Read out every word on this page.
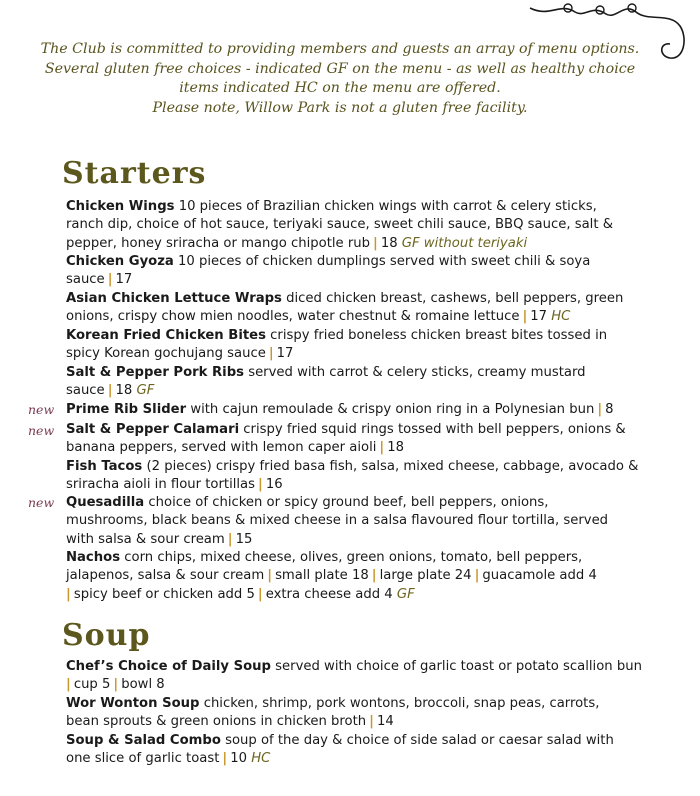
The Club is committed to providing members and guests an array of menu options.
Several gluten free choices - indicated GF on the menu - as well as healthy choice
items indicated HC on the menu are offered.
Please note, Willow Park is not a gluten free facility.
Starters
Chicken Wings 10 pieces of Brazilian chicken wings with carrot & celery sticks,
ranch dip, choice of hot sauce, teriyaki sauce, sweet chili sauce, BBQ sauce, salt &
pepper, honey sriracha or mango chipotle rub | 18 GF without teriyaki
Chicken Gyoza 10 pieces of chicken dumplings served with sweet chili & soya
sauce | 17
Asian Chicken Lettuce Wraps diced chicken breast, cashews, bell peppers, green
onions, crispy chow mien noodles, water chestnut & romaine lettuce | 17 HC
Korean Fried Chicken Bites crispy fried boneless chicken breast bites tossed in
spicy Korean gochujang sauce | 17
Salt & Pepper Pork Ribs served with carrot & celery sticks, creamy mustard
sauce | 18 GF
new Prime Rib Slider with cajun remoulade & crispy onion ring in a Polynesian bun | 8
new Salt & Pepper Calamari crispy fried squid rings tossed with bell peppers, onions &
banana peppers, served with lemon caper aioli | 18
Fish Tacos (2 pieces) crispy fried basa fish, salsa, mixed cheese, cabbage, avocado &
sriracha aioli in flour tortillas | 16
new Quesadilla choice of chicken or spicy ground beef, bell peppers, onions,
mushrooms, black beans & mixed cheese in a salsa flavoured flour tortilla, served
with salsa & sour cream | 15
Nachos corn chips, mixed cheese, olives, green onions, tomato, bell peppers,
jalapenos, salsa & sour cream | small plate 18 | large plate 24 | guacamole add 4
| spicy beef or chicken add 5 | extra cheese add 4 GF
Soup
Chef’s Choice of Daily Soup served with choice of garlic toast or potato scallion bun
| cup 5 | bowl 8
Wor Wonton Soup chicken, shrimp, pork wontons, broccoli, snap peas, carrots,
bean sprouts & green onions in chicken broth | 14
Soup & Salad Combo soup of the day & choice of side salad or caesar salad with
one slice of garlic toast | 10 HC
